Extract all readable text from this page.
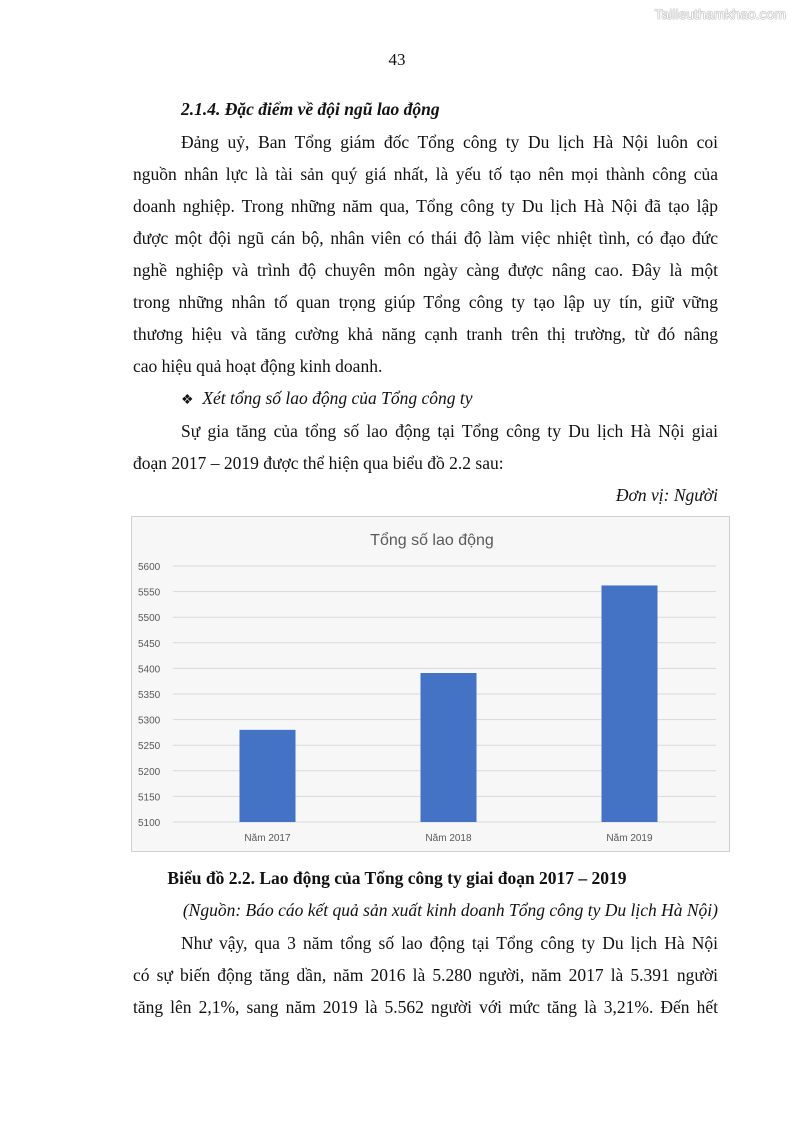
Tailieuthamkhao.com
43
2.1.4. Đặc điểm về đội ngũ lao động
Đảng uỷ, Ban Tổng giám đốc Tổng công ty Du lịch Hà Nội luôn coi
nguồn nhân lực là tài sản quý giá nhất, là yếu tố tạo nên mọi thành công của
doanh nghiệp. Trong những năm qua, Tổng công ty Du lịch Hà Nội đã tạo lập
được một đội ngũ cán bộ, nhân viên có thái độ làm việc nhiệt tình, có đạo đức
nghề nghiệp và trình độ chuyên môn ngày càng được nâng cao. Đây là một
trong những nhân tố quan trọng giúp Tổng công ty tạo lập uy tín, giữ vững
thương hiệu và tăng cường khả năng cạnh tranh trên thị trường, từ đó nâng
cao hiệu quả hoạt động kinh doanh.
❖ Xét tổng số lao động của Tổng công ty
Sự gia tăng của tổng số lao động tại Tổng công ty Du lịch Hà Nội giai
đoạn 2017 – 2019 được thể hiện qua biểu đồ 2.2 sau:
Đơn vị: Người
Tổng số lao động
5100
5150
5200
5250
5300
5350
5400
5450
5500
5550
5600
Năm 2017	Năm 2018	Năm 2019
Biểu đồ 2.2. Lao động của Tổng công ty giai đoạn 2017 – 2019
(Nguồn: Báo cáo kết quả sản xuất kinh doanh Tổng công ty Du lịch Hà Nội)
Như vậy, qua 3 năm tổng số lao động tại Tổng công ty Du lịch Hà Nội
có sự biến động tăng dần, năm 2016 là 5.280 người, năm 2017 là 5.391 người
tăng lên 2,1%, sang năm 2019 là 5.562 người với mức tăng là 3,21%. Đến hết
